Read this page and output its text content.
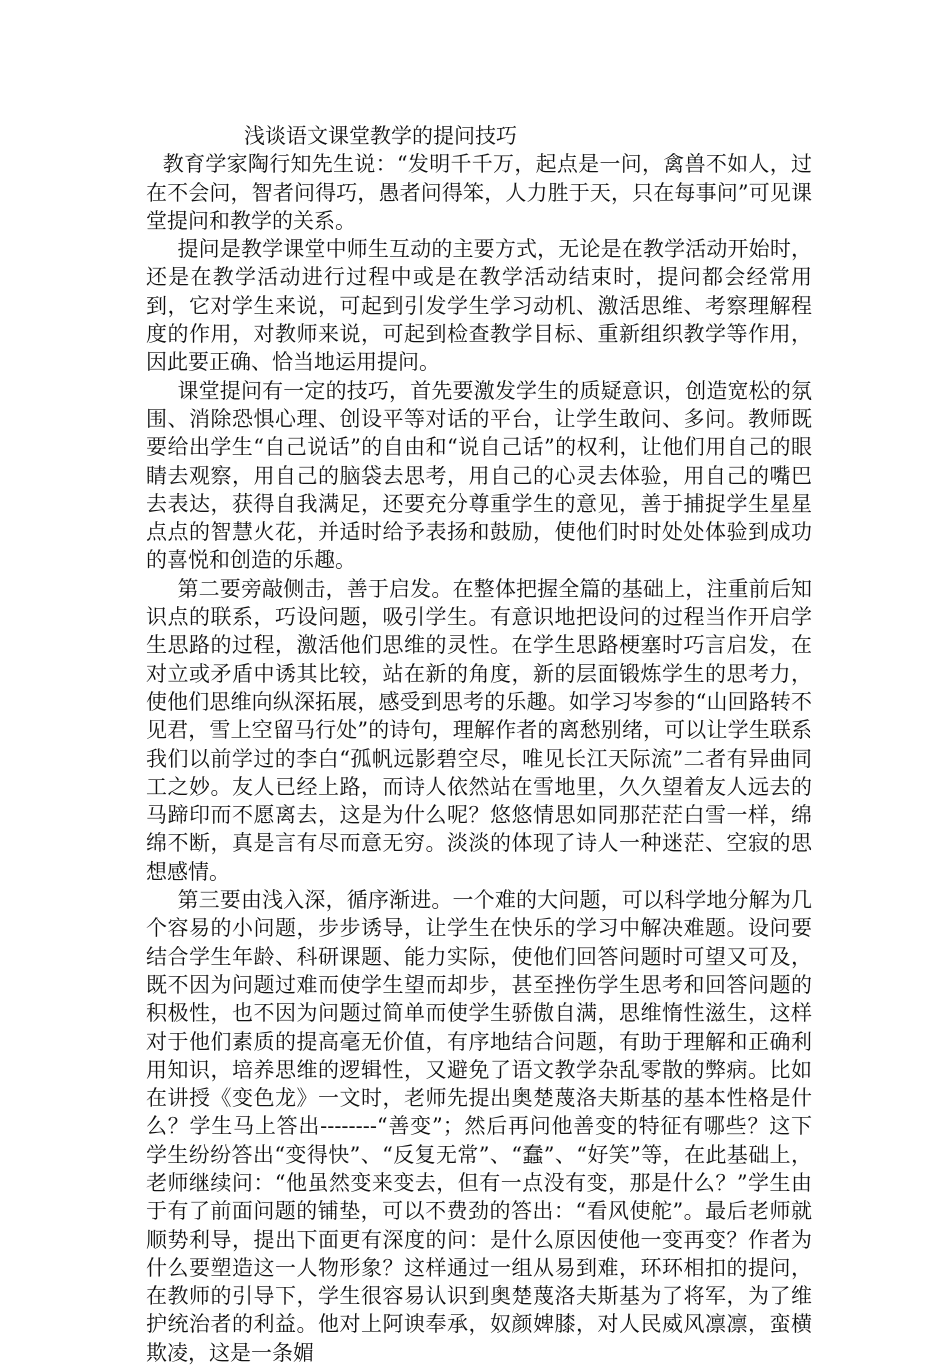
浅谈语文课堂教学的提问技巧

教育学家陶行知先生说：“发明千千万，起点是一问，禽兽不如人，过在不会问，智者问得巧，愚者问得笨，人力胜于天，只在每事问”可见课堂提问和教学的关系。

提问是教学课堂中师生互动的主要方式，无论是在教学活动开始时，还是在教学活动进行过程中或是在教学活动结束时，提问都会经常用到，它对学生来说，可起到引发学生学习动机、激活思维、考察理解程度的作用，对教师来说，可起到检查教学目标、重新组织教学等作用，因此要正确、恰当地运用提问。

课堂提问有一定的技巧，首先要激发学生的质疑意识，创造宽松的氛围、消除恐惧心理、创设平等对话的平台，让学生敢问、多问。教师既要给出学生“自己说话”的自由和“说自己话”的权利，让他们用自己的眼睛去观察，用自己的脑袋去思考，用自己的心灵去体验，用自己的嘴巴去表达，获得自我满足，还要充分尊重学生的意见，善于捕捉学生星星点点的智慧火花，并适时给予表扬和鼓励，使他们时时处处体验到成功的喜悦和创造的乐趣。

第二要旁敲侧击，善于启发。在整体把握全篇的基础上，注重前后知识点的联系，巧设问题，吸引学生。有意识地把设问的过程当作开启学生思路的过程，激活他们思维的灵性。在学生思路梗塞时巧言启发，在对立或矛盾中诱其比较，站在新的角度，新的层面锻炼学生的思考力，使他们思维向纵深拓展，感受到思考的乐趣。如学习岑参的“山回路转不见君，雪上空留马行处”的诗句，理解作者的离愁别绪，可以让学生联系我们以前学过的李白“孤帆远影碧空尽，唯见长江天际流”二者有异曲同工之妙。友人已经上路，而诗人依然站在雪地里，久久望着友人远去的马蹄印而不愿离去，这是为什么呢？悠悠情思如同那茫茫白雪一样，绵绵不断，真是言有尽而意无穷。淡淡的体现了诗人一种迷茫、空寂的思想感情。

第三要由浅入深，循序渐进。一个难的大问题，可以科学地分解为几个容易的小问题，步步诱导，让学生在快乐的学习中解决难题。设问要结合学生年龄、科研课题、能力实际，使他们回答问题时可望又可及，既不因为问题过难而使学生望而却步，甚至挫伤学生思考和回答问题的积极性，也不因为问题过简单而使学生骄傲自满，思维惰性滋生，这样对于他们素质的提高毫无价值，有序地结合问题，有助于理解和正确利用知识，培养思维的逻辑性，又避免了语文教学杂乱零散的弊病。比如在讲授《变色龙》一文时，老师先提出奥楚蔑洛夫斯基的基本性格是什么？学生马上答出--------“善变”；然后再问他善变的特征有哪些？这下学生纷纷答出“变得快”、“反复无常”、“蠢”、“好笑”等，在此基础上，老师继续问：“他虽然变来变去，但有一点没有变，那是什么？”学生由于有了前面问题的铺垫，可以不费劲的答出：“看风使舵”。最后老师就顺势利导，提出下面更有深度的问：是什么原因使他一变再变？作者为什么要塑造这一人物形象？这样通过一组从易到难，环环相扣的提问，在教师的引导下，学生很容易认识到奥楚蔑洛夫斯基为了将军，为了维护统治者的利益。他对上阿谀奉承，奴颜婢膝，对人民威风凛凛，蛮横欺凌，这是一条媚
